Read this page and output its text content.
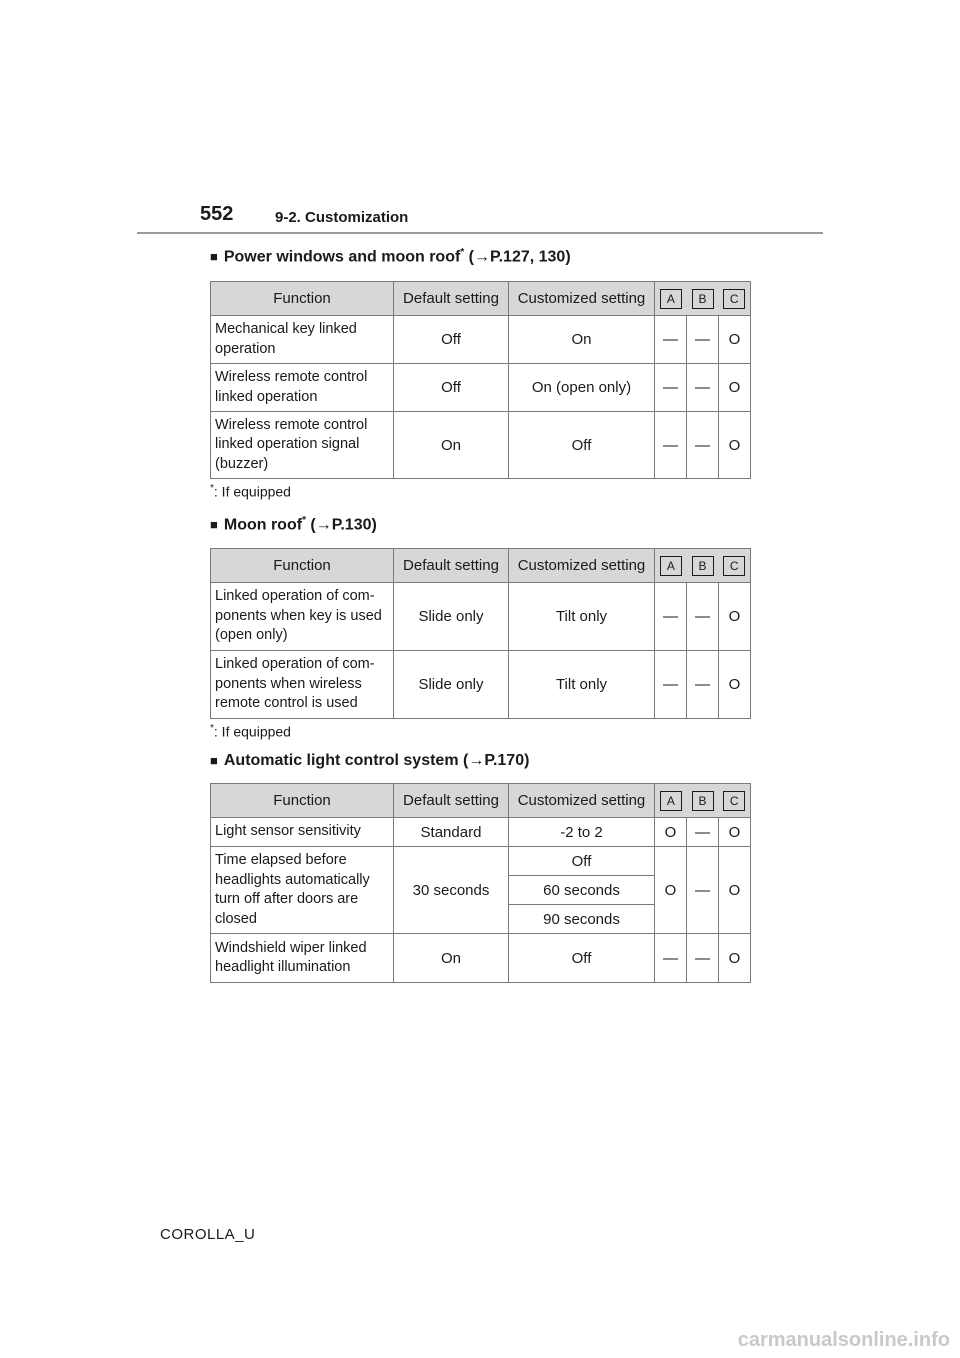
552	9-2. Customization
■ Power windows and moon roof* (→P.127, 130)
Function	Default setting	Customized setting	A B C		

Mechanical key linked operation	Off	On	—	—	O
Wireless remote control linked operation	Off	On (open only)	—	—	O
Wireless remote control linked operation signal (buzzer)	On	Off	—	—	O
*: If equipped
■ Moon roof* (→P.130)
Function	Default setting	Customized setting	A B C		

Linked operation of com-ponents when key is used (open only)	Slide only	Tilt only	—	—	O
Linked operation of com-ponents when wireless remote control is used	Slide only	Tilt only	—	—	O
*: If equipped
■ Automatic light control system (→P.170)
Function	Default setting	Customized setting	A B C		

Light sensor sensitivity	Standard	-2 to 2	O	—	O
Time elapsed before headlights automatically turn off after doors are closed	30 seconds	Off	O	—	O
		60 seconds			
		90 seconds			
Windshield wiper linked headlight illumination	On	Off	—	—	O
COROLLA_U
carmanualsonline.info
